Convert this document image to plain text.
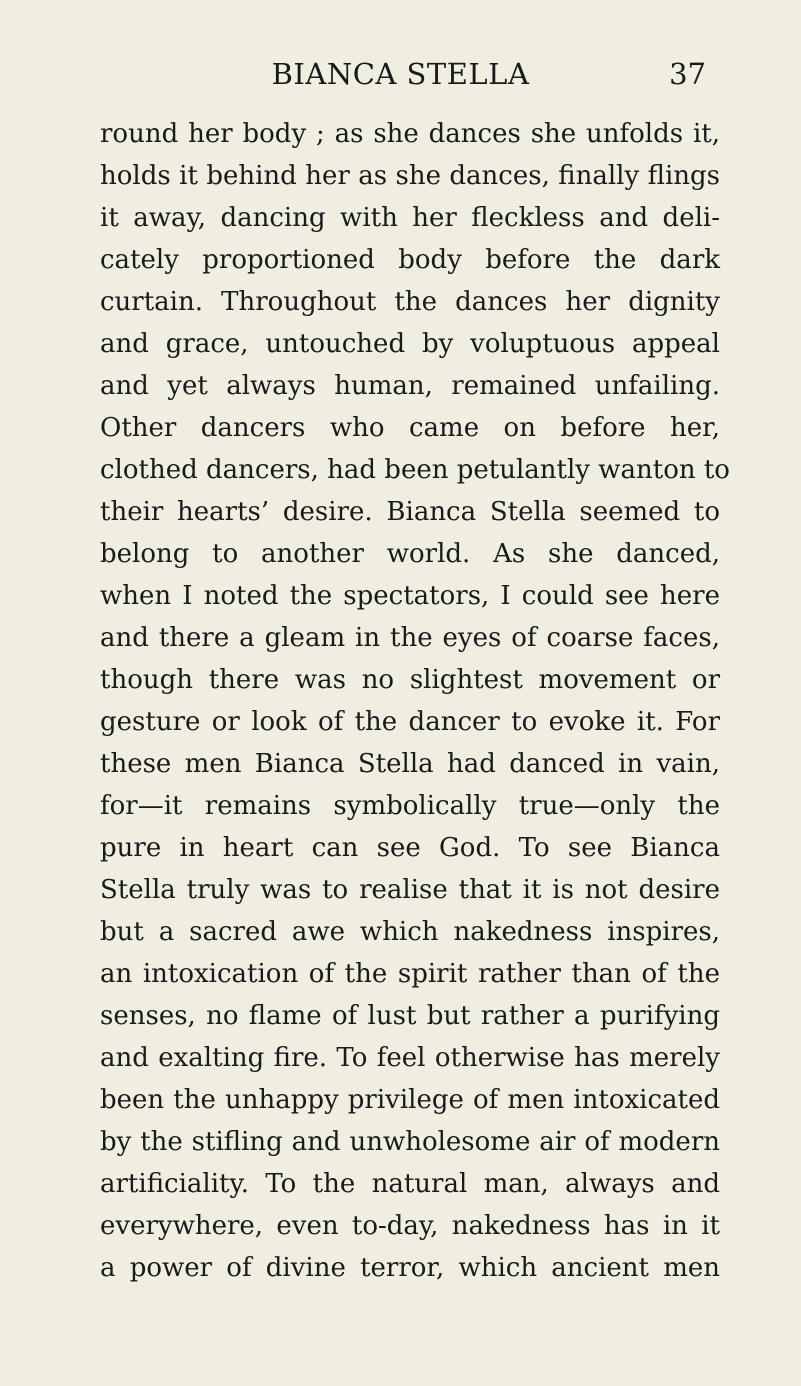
BIANCA STELLA	37
round her body ; as she dances she unfolds it,
holds it behind her as she dances, finally flings
it away, dancing with her fleckless and deli-
cately proportioned body before the dark
curtain. Throughout the dances her dignity
and grace, untouched by voluptuous appeal
and yet always human, remained unfailing.
Other dancers who came on before her,
clothed dancers, had been petulantly wanton to
their hearts’ desire. Bianca Stella seemed to
belong to another world. As she danced,
when I noted the spectators, I could see here
and there a gleam in the eyes of coarse faces,
though there was no slightest movement or
gesture or look of the dancer to evoke it. For
these men Bianca Stella had danced in vain,
for—it remains symbolically true—only the
pure in heart can see God. To see Bianca
Stella truly was to realise that it is not desire
but a sacred awe which nakedness inspires,
an intoxication of the spirit rather than of the
senses, no flame of lust but rather a purifying
and exalting fire. To feel otherwise has merely
been the unhappy privilege of men intoxicated
by the stifling and unwholesome air of modern
artificiality. To the natural man, always and
everywhere, even to-day, nakedness has in it
a power of divine terror, which ancient men
